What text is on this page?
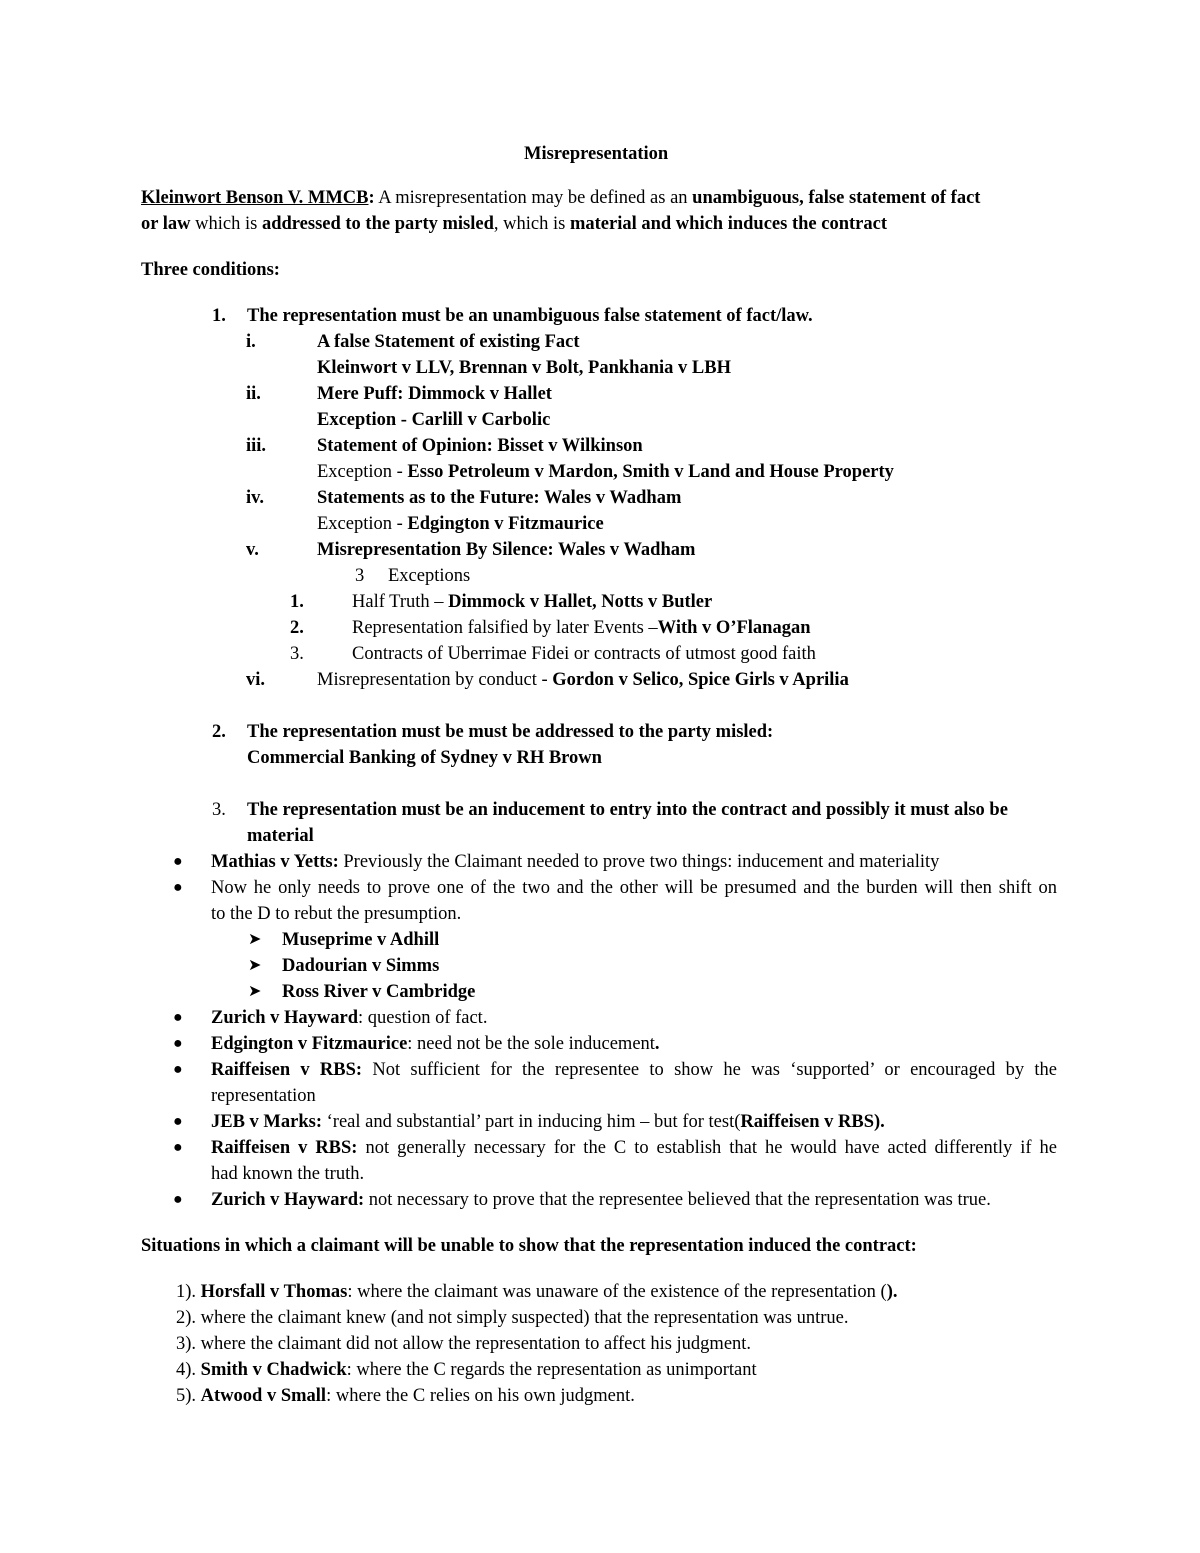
Misrepresentation
Kleinwort Benson V. MMCB: A misrepresentation may be defined as an unambiguous, false statement of fact
or law which is addressed to the party misled, which is material and which induces the contract
Three conditions:
1. The representation must be an unambiguous false statement of fact/law.
i.	A false Statement of existing Fact
Kleinwort v LLV, Brennan v Bolt, Pankhania v LBH
ii.	Mere Puff: Dimmock v Hallet
Exception - Carlill v Carbolic
iii.	Statement of Opinion: Bisset v Wilkinson
Exception - Esso Petroleum v Mardon, Smith v Land and House Property
iv.	Statements as to the Future: Wales v Wadham
Exception - Edgington v Fitzmaurice
v.	Misrepresentation By Silence: Wales v Wadham
3 Exceptions
1.	Half Truth – Dimmock v Hallet, Notts v Butler
2.	Representation falsified by later Events –With v O’Flanagan
3.	Contracts of Uberrimae Fidei or contracts of utmost good faith
vi.	Misrepresentation by conduct - Gordon v Selico, Spice Girls v Aprilia
2. The representation must be must be addressed to the party misled:
Commercial Banking of Sydney v RH Brown
3. The representation must be an inducement to entry into the contract and possibly it must also be
material
● Mathias v Yetts: Previously the Claimant needed to prove two things: inducement and materiality
● Now he only needs to prove one of the two and the other will be presumed and the burden will then shift on
to the D to rebut the presumption.
➤ Museprime v Adhill
➤ Dadourian v Simms
➤ Ross River v Cambridge
● Zurich v Hayward: question of fact.
● Edgington v Fitzmaurice: need not be the sole inducement.
● Raiffeisen v RBS: Not sufficient for the representee to show he was ‘supported’ or encouraged by the
representation
● JEB v Marks: ‘real and substantial’ part in inducing him – but for test(Raiffeisen v RBS).
● Raiffeisen v RBS: not generally necessary for the C to establish that he would have acted differently if he
had known the truth.
● Zurich v Hayward: not necessary to prove that the representee believed that the representation was true.
Situations in which a claimant will be unable to show that the representation induced the contract:
1). Horsfall v Thomas: where the claimant was unaware of the existence of the representation ().
2). where the claimant knew (and not simply suspected) that the representation was untrue.
3). where the claimant did not allow the representation to affect his judgment.
4). Smith v Chadwick: where the C regards the representation as unimportant
5). Atwood v Small: where the C relies on his own judgment.
